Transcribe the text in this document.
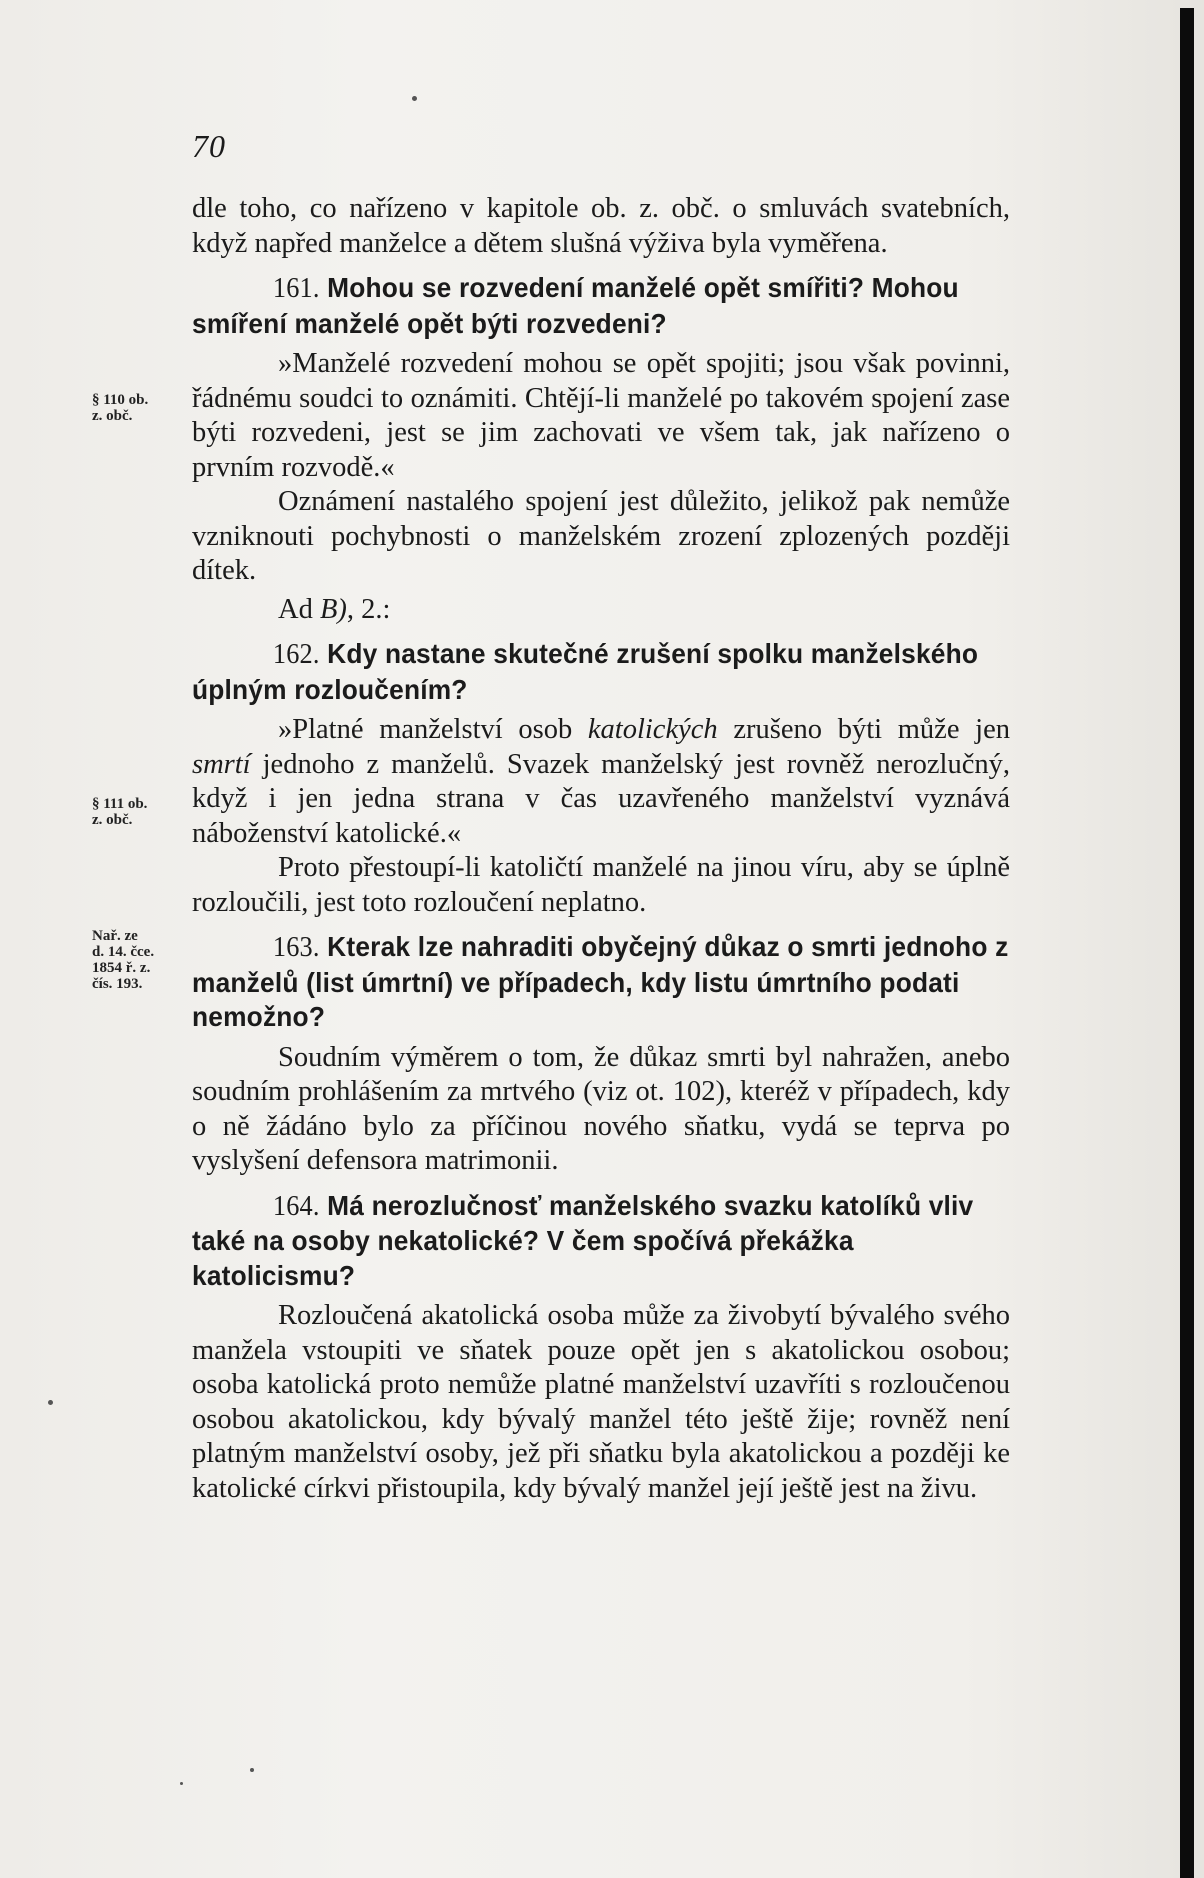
70
§ 110 ob.
z. obč.
§ 111 ob.
z. obč.
Nař. ze
d. 14. čce.
1854 ř. z.
čís. 193.

dle toho, co nařízeno v kapitole ob. z. obč. o smluvách svatebních, když napřed manželce a dětem slušná výživa byla vyměřena.

161. Mohou se rozvedení manželé opět smířiti? Mohou smíření manželé opět býti rozvedeni?

»Manželé rozvedení mohou se opět spojiti; jsou však povinni, řádnému soudci to oznámiti. Chtějí-li manželé po takovém spojení zase býti rozvedeni, jest se jim zachovati ve všem tak, jak nařízeno o prvním rozvodě.«

Oznámení nastalého spojení jest důležito, jelikož pak nemůže vzniknouti pochybnosti o manželském zrození zplozených později dítek.

Ad B), 2.:

162. Kdy nastane skutečné zrušení spolku manželského úplným rozloučením?

»Platné manželství osob katolických zrušeno býti může jen smrtí jednoho z manželů. Svazek manželský jest rovněž nerozlučný, když i jen jedna strana v čas uzavřeného manželství vyznává náboženství katolické.«

Proto přestoupí-li katoličtí manželé na jinou víru, aby se úplně rozloučili, jest toto rozloučení neplatno.

163. Kterak lze nahraditi obyčejný důkaz o smrti jednoho z manželů (list úmrtní) ve případech, kdy listu úmrtního podati nemožno?

Soudním výměrem o tom, že důkaz smrti byl nahražen, anebo soudním prohlášením za mrtvého (viz ot. 102), kteréž v případech, kdy o ně žádáno bylo za příčinou nového sňatku, vydá se teprva po vyslyšení defensora matrimonii.

164. Má nerozlučnosť manželského svazku katolíků vliv také na osoby nekatolické? V čem spočívá překážka katolicismu?

Rozloučená akatolická osoba může za živobytí bývalého svého manžela vstoupiti ve sňatek pouze opět jen s akatolickou osobou; osoba katolická proto nemůže platné manželství uzavříti s rozloučenou osobou akatolickou, kdy bývalý manžel této ještě žije; rovněž není platným manželství osoby, jež při sňatku byla akatolickou a později ke katolické církvi přistoupila, kdy bývalý manžel její ještě jest na živu.
